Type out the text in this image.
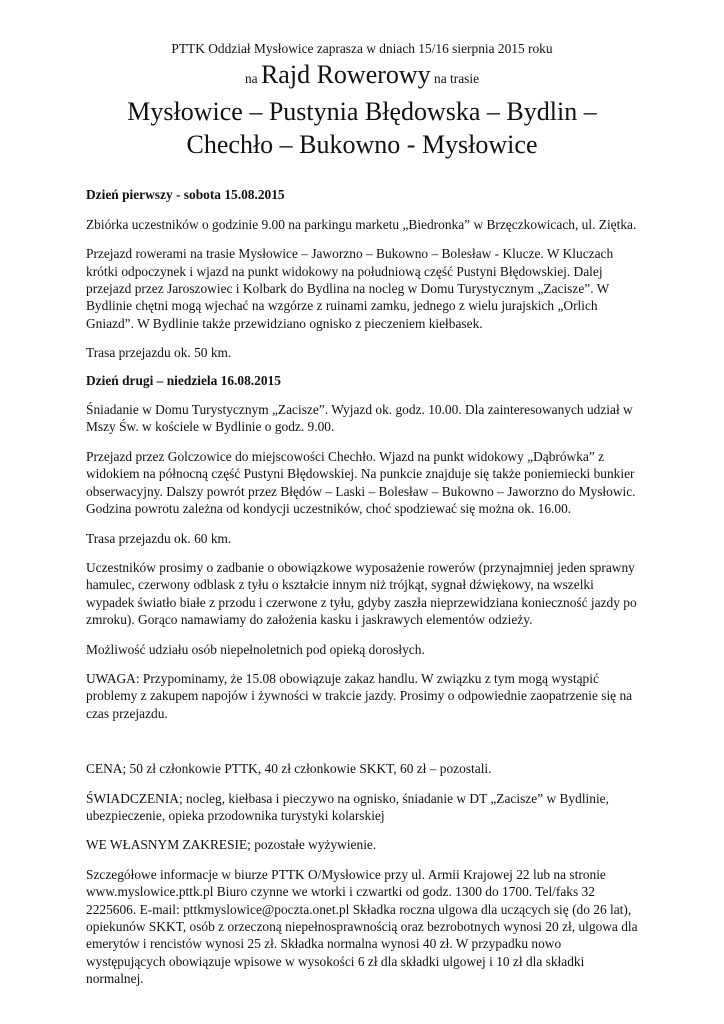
PTTK Oddział Mysłowice zaprasza w dniach 15/16 sierpnia 2015 roku

na Rajd Rowerowy na trasie

Mysłowice – Pustynia Błędowska – Bydlin –

Chechło – Bukowno - Mysłowice

Dzień pierwszy - sobota 15.08.2015

Zbiórka uczestników o godzinie 9.00 na parkingu marketu „Biedronka” w Brzęczkowicach, ul. Ziętka.

Przejazd rowerami na trasie Mysłowice – Jaworzno – Bukowno – Bolesław - Klucze. W Kluczach krótki odpoczynek i wjazd na punkt widokowy na południową część Pustyni Błędowskiej. Dalej przejazd przez Jaroszowiec i Kolbark do Bydlina na nocleg w Domu Turystycznym „Zacisze”. W Bydlinie chętni mogą wjechać na wzgórze z ruinami zamku, jednego z wielu jurajskich „Orlich Gniazd”. W Bydlinie także przewidziano ognisko z pieczeniem kiełbasek.

Trasa przejazdu ok. 50 km.

Dzień drugi – niedziela 16.08.2015

Śniadanie w Domu Turystycznym „Zacisze”. Wyjazd ok. godz. 10.00. Dla zainteresowanych udział w Mszy Św. w kościele w Bydlinie o godz. 9.00.

Przejazd przez Golczowice do miejscowości Chechło. Wjazd na punkt widokowy „Dąbrówka” z widokiem na północną część Pustyni Błędowskiej. Na punkcie znajduje się także poniemiecki bunkier obserwacyjny. Dalszy powrót przez Błędów – Laski – Bolesław – Bukowno – Jaworzno do Mysłowic. Godzina powrotu zależna od kondycji uczestników, choć spodziewać się można ok. 16.00.

Trasa przejazdu ok. 60 km.

Uczestników prosimy o zadbanie o obowiązkowe wyposażenie rowerów (przynajmniej jeden sprawny hamulec, czerwony odblask z tyłu o kształcie innym niż trójkąt, sygnał dźwiękowy, na wszelki wypadek światło białe z przodu i czerwone z tyłu, gdyby zaszła nieprzewidziana konieczność jazdy po zmroku). Gorąco namawiamy do założenia kasku i jaskrawych elementów odzieży.

Możliwość udziału osób niepełnoletnich pod opieką dorosłych.

UWAGA: Przypominamy, że 15.08 obowiązuje zakaz handlu. W związku z tym mogą wystąpić problemy z zakupem napojów i żywności w trakcie jazdy. Prosimy o odpowiednie zaopatrzenie się na czas przejazdu.

CENA; 50 zł członkowie PTTK, 40 zł członkowie SKKT, 60 zł – pozostali.

ŚWIADCZENIA; nocleg, kiełbasa i pieczywo na ognisko, śniadanie w DT „Zacisze” w Bydlinie, ubezpieczenie, opieka przodownika turystyki kolarskiej

WE WŁASNYM ZAKRESIE; pozostałe wyżywienie.

Szczegółowe informacje w biurze PTTK O/Mysłowice przy ul. Armii Krajowej 22 lub na stronie www.myslowice.pttk.pl Biuro czynne we wtorki i czwartki od godz. 1300 do 1700. Tel/faks 32 2225606. E-mail: pttkmyslowice@poczta.onet.pl Składka roczna ulgowa dla uczących się (do 26 lat), opiekunów SKKT, osób z orzeczoną niepełnosprawnością oraz bezrobotnych wynosi 20 zł, ulgowa dla emerytów i rencistów wynosi 25 zł. Składka normalna wynosi 40 zł. W przypadku nowo występujących obowiązuje wpisowe w wysokości 6 zł dla składki ulgowej i 10 zł dla składki normalnej.
